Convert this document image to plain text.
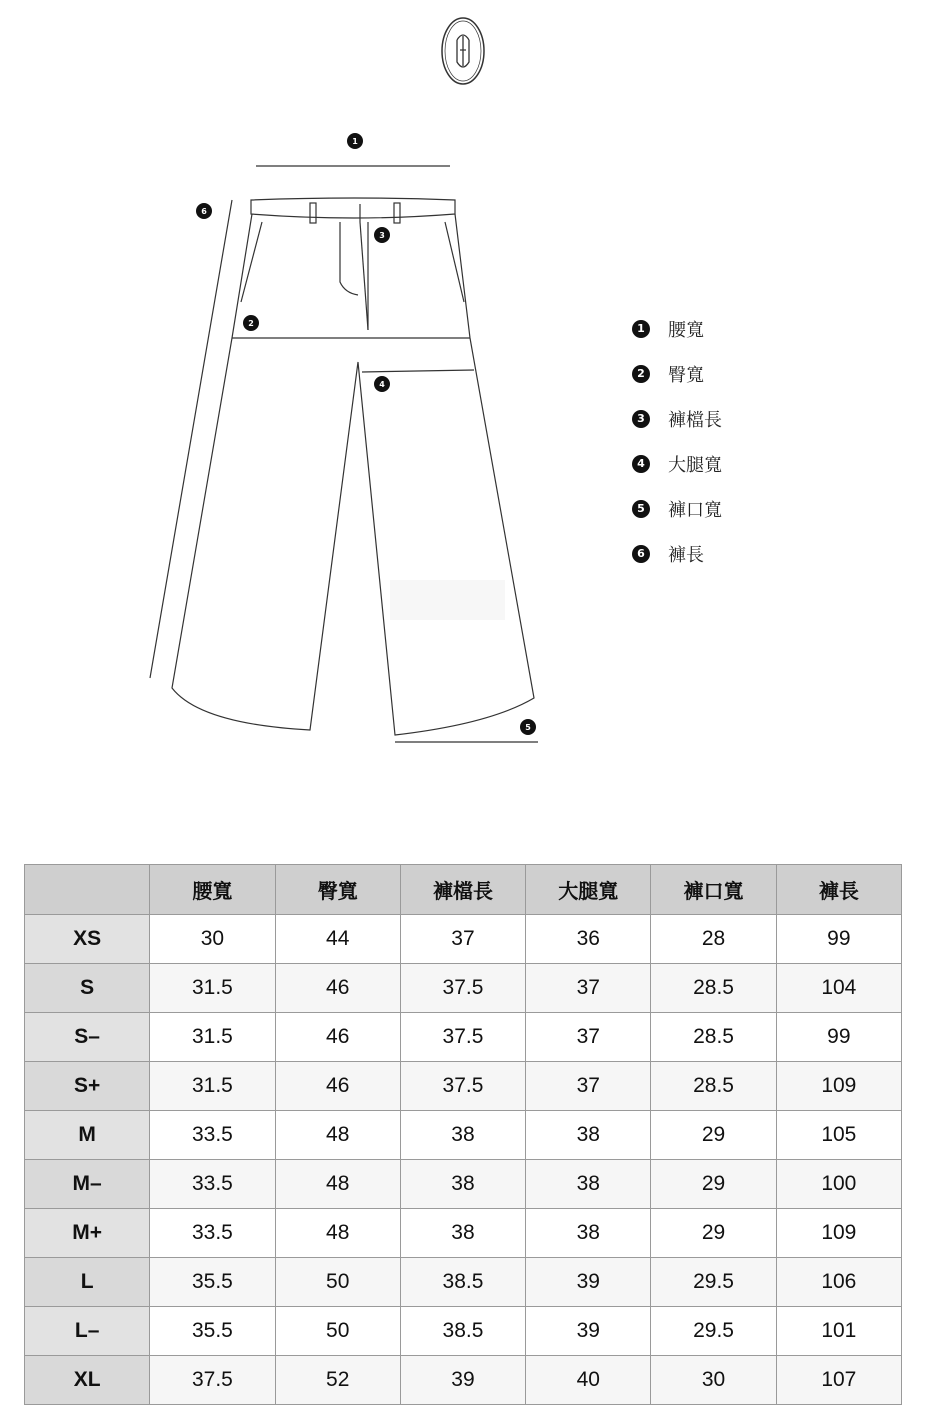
1
2
3
4
5
6
1 腰寬
2 臀寬
3 褲檔長
4 大腿寬
5 褲口寬
6 褲長
	腰寬	臀寬	褲檔長	大腿寬	褲口寬	褲長
XS	30	44	37	36	28	99
S	31.5	46	37.5	37	28.5	104
S–	31.5	46	37.5	37	28.5	99
S+	31.5	46	37.5	37	28.5	109
M	33.5	48	38	38	29	105
M–	33.5	48	38	38	29	100
M+	33.5	48	38	38	29	109
L	35.5	50	38.5	39	29.5	106
L–	35.5	50	38.5	39	29.5	101
XL	37.5	52	39	40	30	107
